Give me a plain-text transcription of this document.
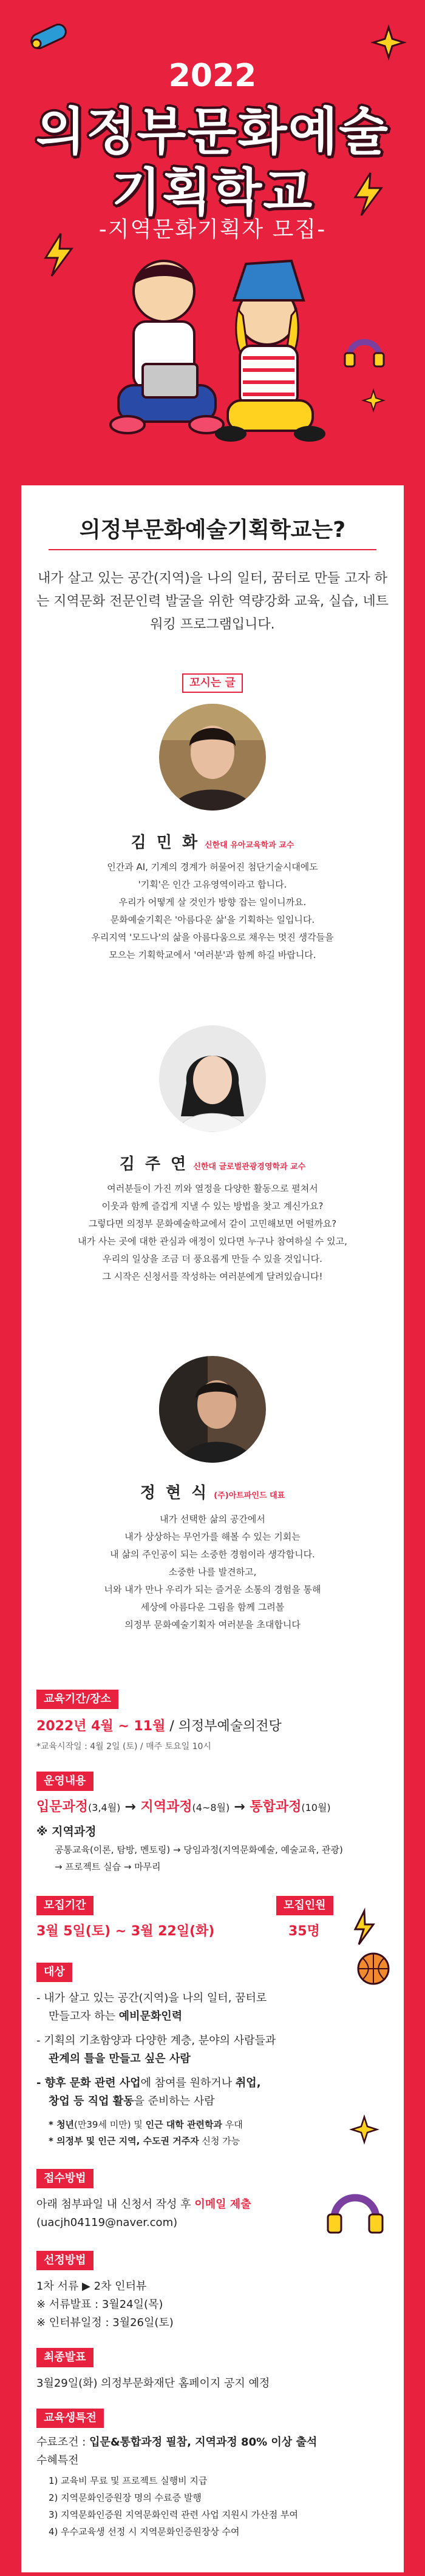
2022
의정부문화예술
기획학교
-지역문화기획자 모집-
의정부문화예술기획학교는?
내가 살고 있는 공간(지역)을 나의 일터, 꿈터로 만들 고자 하는 지역문화 전문인력 발굴을 위한 역량강화 교육, 실습, 네트워킹 프로그램입니다.
꼬시는 글
김 민 화 신한대 유아교육학과 교수
인간과 AI, 기계의 경계가 허물어진 첨단기술시대에도
'기획'은 인간 고유영역이라고 합니다.
우리가 어떻게 살 것인가 방향 잡는 일이니까요.
문화예술기획은 '아름다운 삶'을 기획하는 일입니다.
우리지역 '모드나'의 삶을 아름다움으로 채우는 멋진 생각들을
모으는 기획학교에서 '여러분'과 함께 하길 바랍니다.
김 주 연 신한대 글로벌관광경영학과 교수
여러분들이 가진 끼와 열정을 다양한 활동으로 펼쳐서
이웃과 함께 즐겁게 지낼 수 있는 방법을 찾고 계신가요?
그렇다면 의정부 문화예술학교에서 같이 고민해보면 어떨까요?
내가 사는 곳에 대한 관심과 애정이 있다면 누구나 참여하실 수 있고,
우리의 일상을 조금 더 풍요롭게 만들 수 있을 것입니다.
그 시작은 신청서를 작성하는 여러분에게 달려있습니다!
정 현 식 (주)아트파인드 대표
내가 선택한 삶의 공간에서
내가 상상하는 무언가를 해볼 수 있는 기회는
내 삶의 주인공이 되는 소중한 경험이라 생각합니다.
소중한 나를 발견하고,
너와 내가 만나 우리가 되는 즐거운 소통의 경험을 통해
세상에 아름다운 그림을 함께 그려볼
의정부 문화예술기획자 여러분을 초대합니다
교육기간/장소
2022년 4월 ~ 11월 / 의정부예술의전당
*교육시작일 : 4월 2일 (토) / 매주 토요일 10시
운영내용
입문과정(3,4월) → 지역과정(4~8월) → 통합과정(10월)
※ 지역과정
공통교육(이론, 탐방, 멘토링) → 당임과정(지역문화예술, 예술교육, 관광)
→ 프로젝트 실습 → 마무리
모집기간
3월 5일(토) ~ 3월 22일(화)
모집인원
35명
대상
- 내가 살고 있는 공간(지역)을 나의 일터, 꿈터로
만들고자 하는 예비문화인력
- 기획의 기초함양과 다양한 계층, 분야의 사람들과
관계의 틀을 만들고 싶은 사람
- 향후 문화 관련 사업에 참여를 원하거나 취업,
창업 등 직업 활동을 준비하는 사람
* 청년(만39세 미만) 및 인근 대학 관련학과 우대
* 의정부 및 인근 지역, 수도권 거주자 신청 가능
접수방법
아래 첨부파일 내 신청서 작성 후 이메일 제출
(uacjh04119@naver.com)
선정방법
1차 서류 ▶ 2차 인터뷰
※ 서류발표 : 3월24일(목)
※ 인터뷰일정 : 3월26일(토)
최종발표
3월29일(화) 의정부문화재단 홈페이지 공지 예정
교육생특전
수료조건 : 입문&통합과정 필참, 지역과정 80% 이상 출석
수혜특전
1) 교육비 무료 및 프로젝트 실행비 지급
2) 지역문화인증원장 명의 수료증 발행
3) 지역문화인증원 지역문화인력 관련 사업 지원시 가산점 부여
4) 우수교육생 선정 시 지역문화인증원장상 수여
